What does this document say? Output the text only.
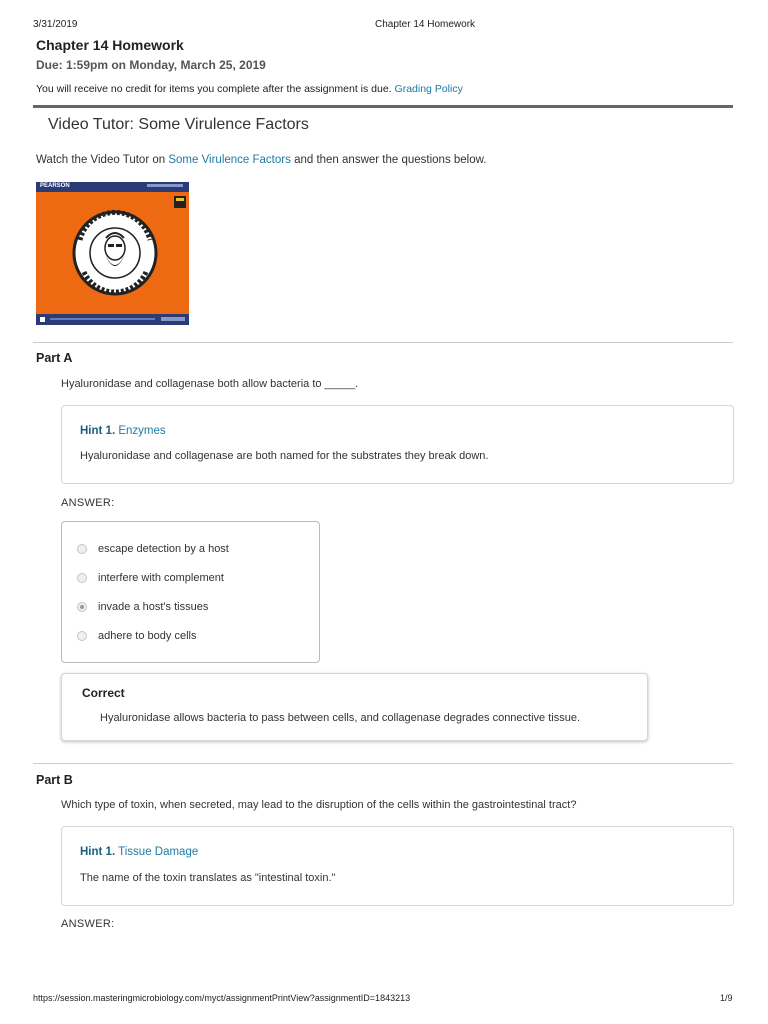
3/31/2019	Chapter 14 Homework
Chapter 14 Homework
Due: 1:59pm on Monday, March 25, 2019
You will receive no credit for items you complete after the assignment is due. Grading Policy
Video Tutor: Some Virulence Factors
Watch the Video Tutor on Some Virulence Factors and then answer the questions below.
PEARSON
Part A
Hyaluronidase and collagenase both allow bacteria to _____.
Hint 1. Enzymes
Hyaluronidase and collagenase are both named for the substrates they break down.
ANSWER:
escape detection by a host
interfere with complement
invade a host's tissues
adhere to body cells
Correct
Hyaluronidase allows bacteria to pass between cells, and collagenase degrades connective tissue.
Part B
Which type of toxin, when secreted, may lead to the disruption of the cells within the gastrointestinal tract?
Hint 1. Tissue Damage
The name of the toxin translates as "intestinal toxin."
ANSWER:
https://session.masteringmicrobiology.com/myct/assignmentPrintView?assignmentID=1843213	1/9
